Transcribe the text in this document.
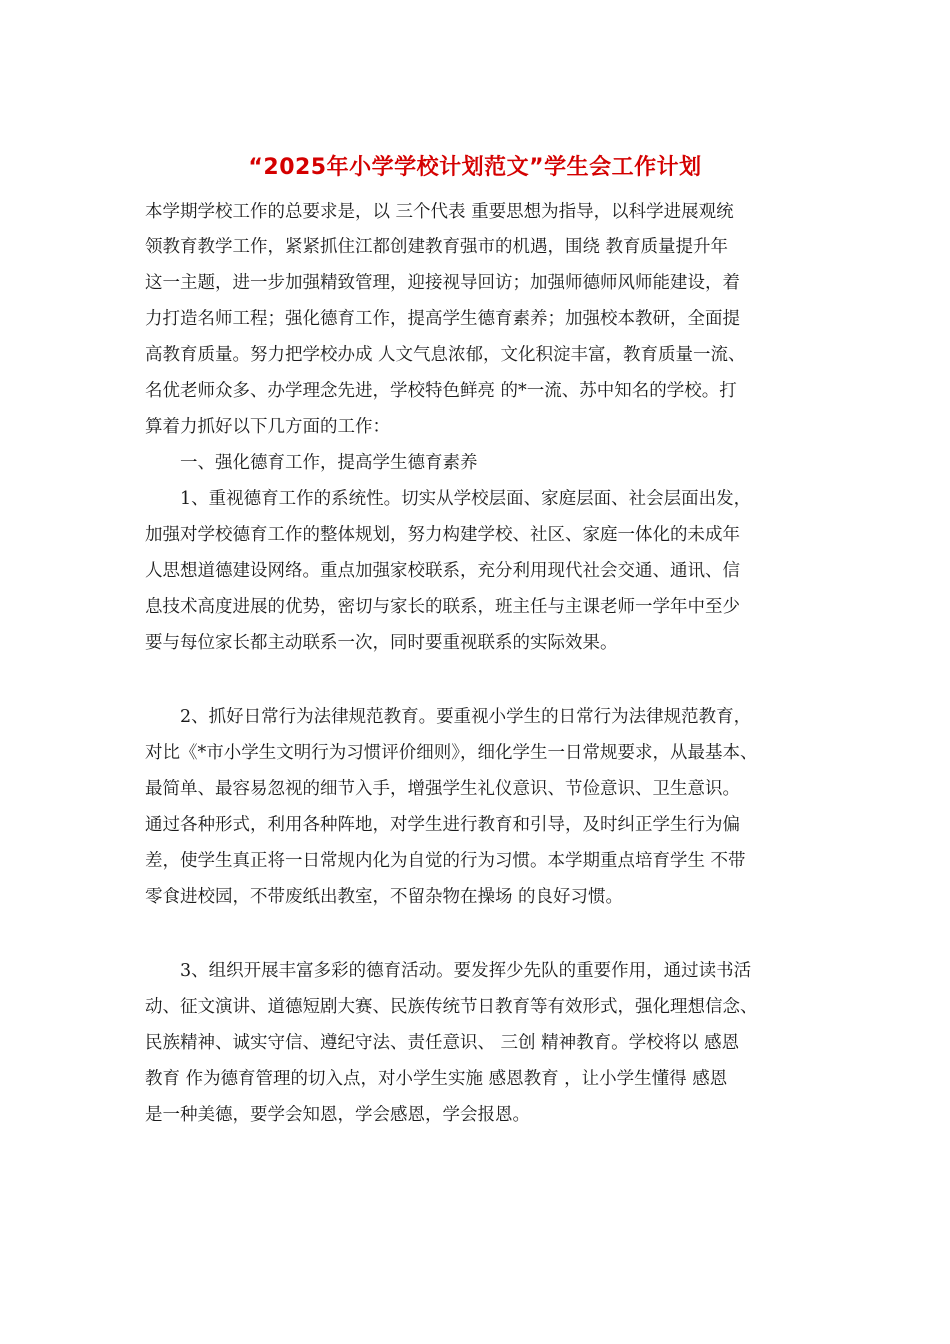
“2025年小学学校计划范文”学生会工作计划

本学期学校工作的总要求是，以 三个代表 重要思想为指导，以科学进展观统

领教育教学工作，紧紧抓住江都创建教育强市的机遇，围绕 教育质量提升年

这一主题，进一步加强精致管理，迎接视导回访；加强师德师风师能建设，着

力打造名师工程；强化德育工作，提高学生德育素养；加强校本教研，全面提

高教育质量。努力把学校办成 人文气息浓郁，文化积淀丰富，教育质量一流、

名优老师众多、办学理念先进，学校特色鲜亮 的*一流、苏中知名的学校。打

算着力抓好以下几方面的工作：

一、强化德育工作，提高学生德育素养

1、重视德育工作的系统性。切实从学校层面、家庭层面、社会层面出发，

加强对学校德育工作的整体规划，努力构建学校、社区、家庭一体化的未成年

人思想道德建设网络。重点加强家校联系，充分利用现代社会交通、通讯、信

息技术高度进展的优势，密切与家长的联系，班主任与主课老师一学年中至少

要与每位家长都主动联系一次，同时要重视联系的实际效果。

2、抓好日常行为法律规范教育。要重视小学生的日常行为法律规范教育，

对比《*市小学生文明行为习惯评价细则》，细化学生一日常规要求，从最基本、

最简单、最容易忽视的细节入手，增强学生礼仪意识、节俭意识、卫生意识。

通过各种形式，利用各种阵地，对学生进行教育和引导，及时纠正学生行为偏

差，使学生真正将一日常规内化为自觉的行为习惯。本学期重点培育学生 不带

零食进校园，不带废纸出教室，不留杂物在操场 的良好习惯。

3、组织开展丰富多彩的德育活动。要发挥少先队的重要作用，通过读书活

动、征文演讲、道德短剧大赛、民族传统节日教育等有效形式，强化理想信念、

民族精神、诚实守信、遵纪守法、责任意识、 三创 精神教育。学校将以 感恩

教育 作为德育管理的切入点，对小学生实施 感恩教育 ，让小学生懂得 感恩

是一种美德，要学会知恩，学会感恩，学会报恩。
